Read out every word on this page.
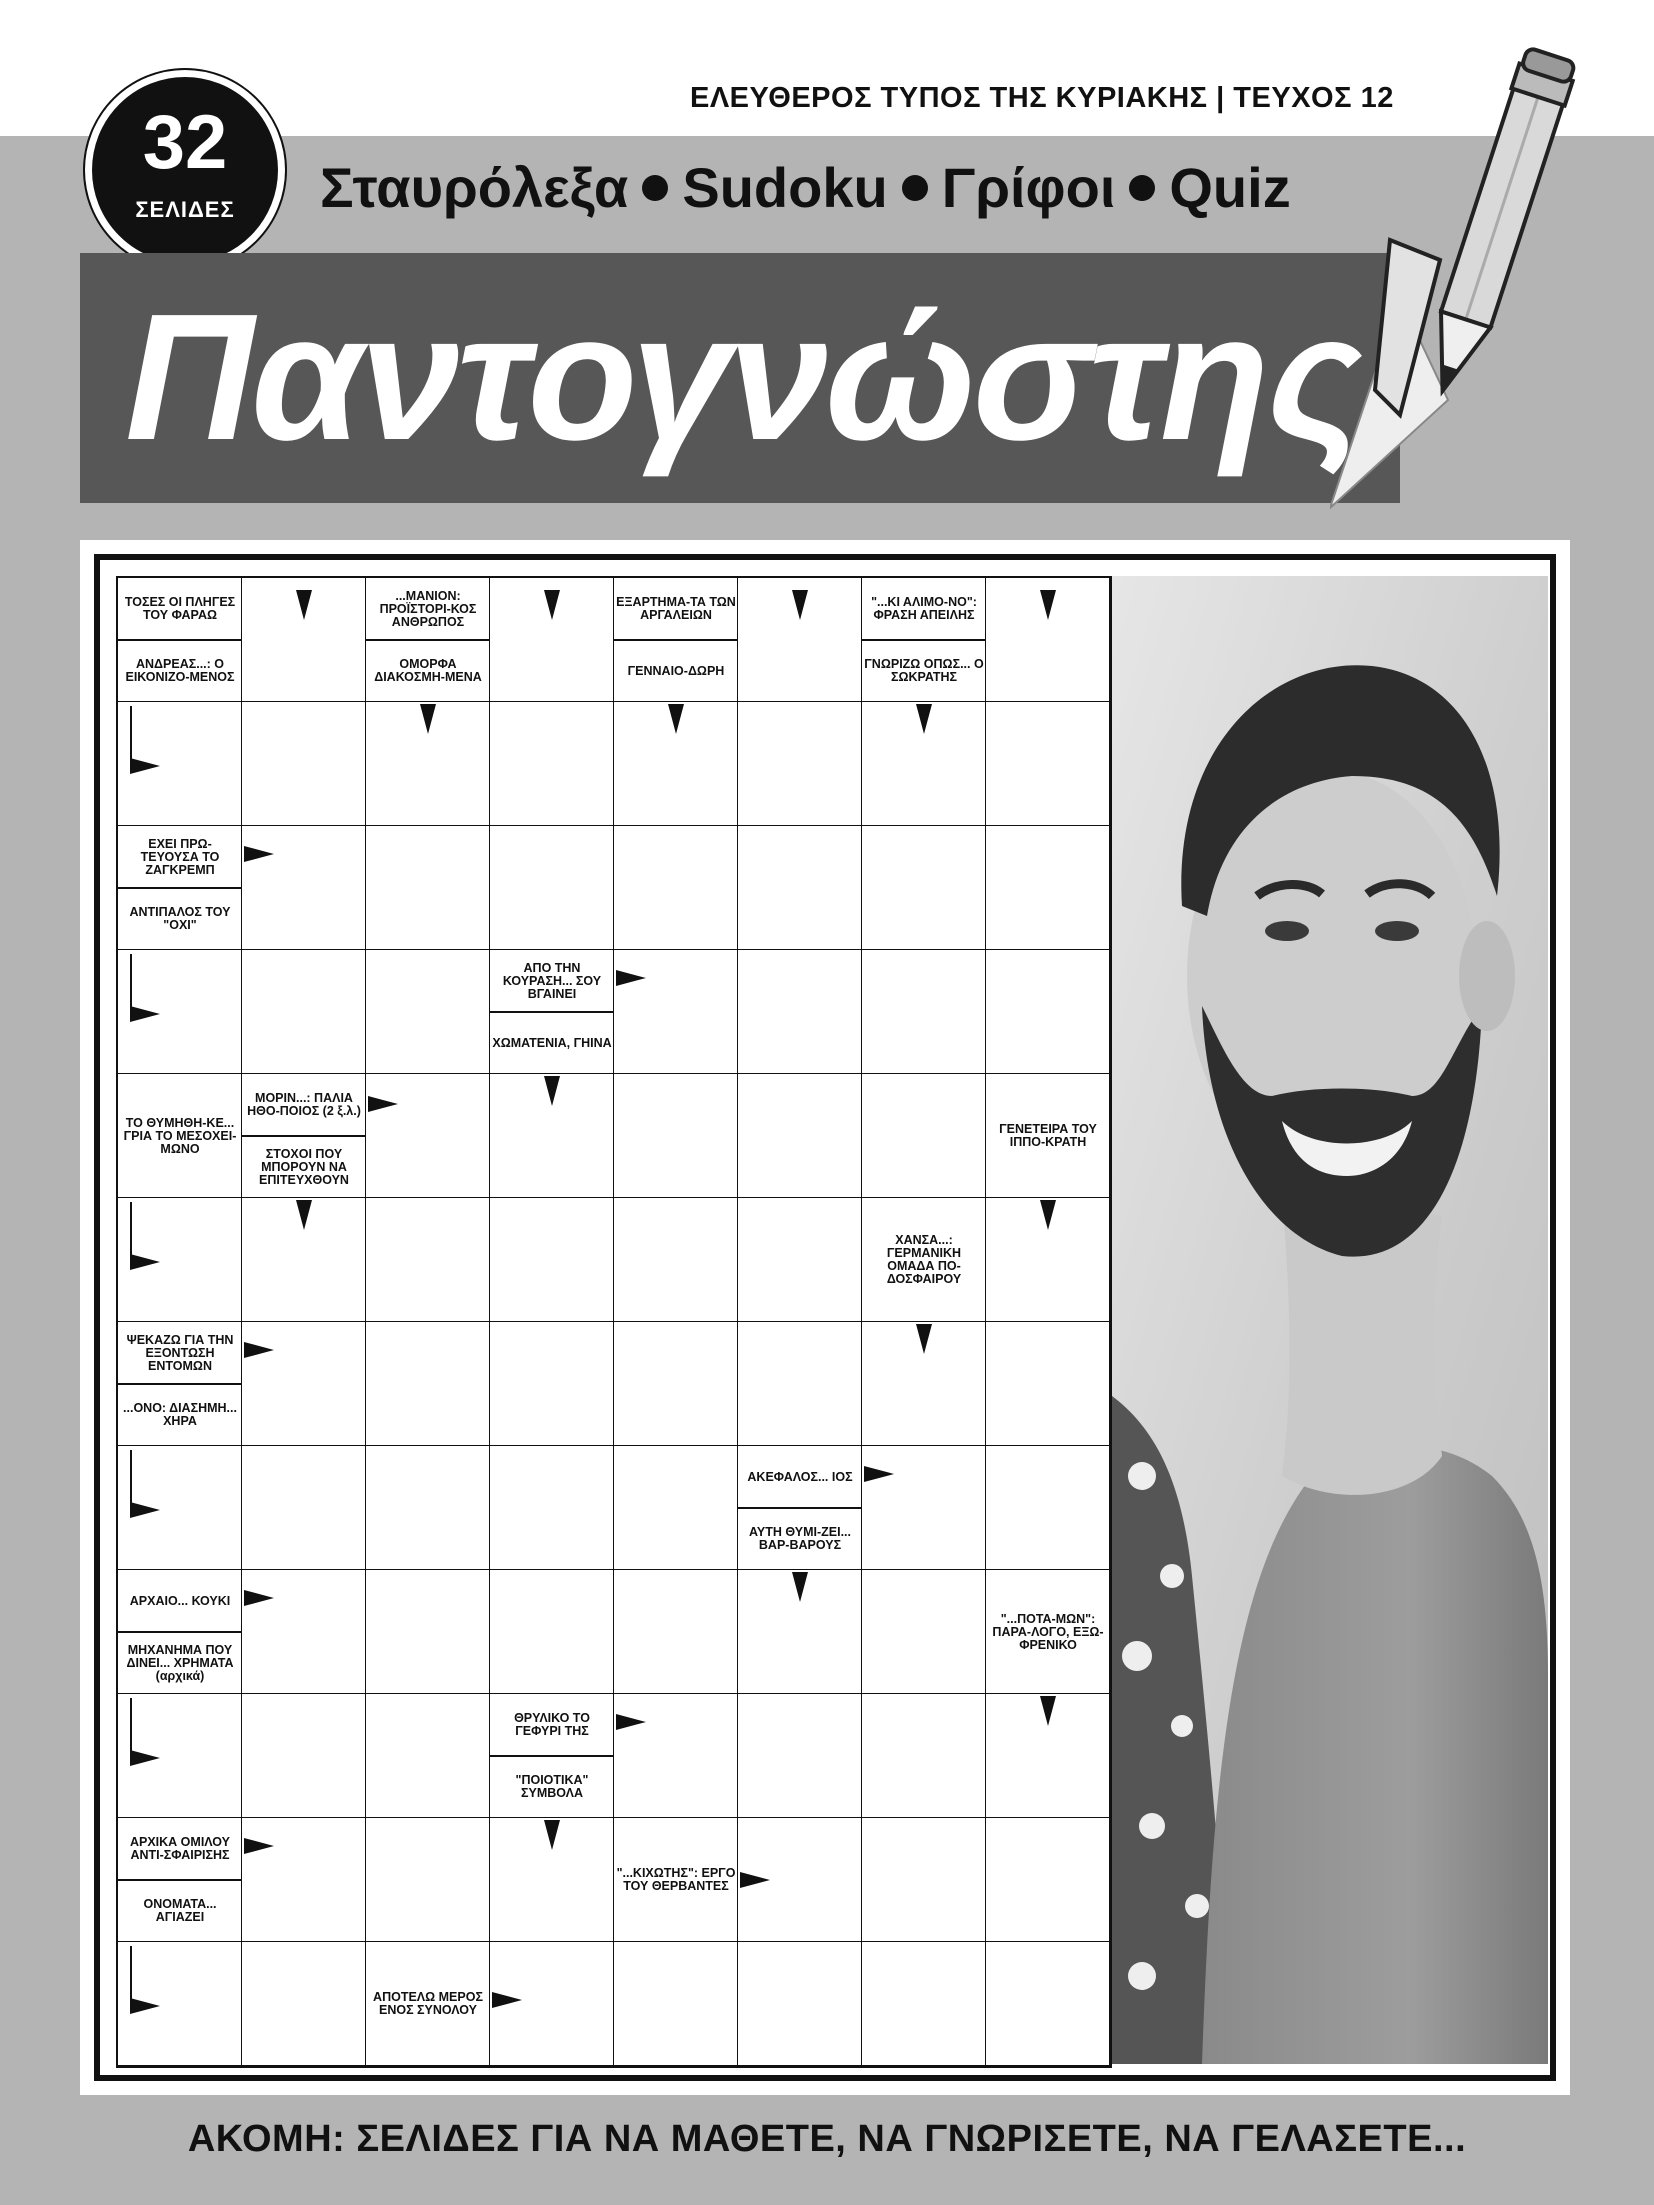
ΕΛΕΥΘΕΡΟΣ ΤΥΠΟΣ ΤΗΣ ΚΥΡΙΑΚΗΣ | ΤΕΥΧΟΣ 12
32
ΣΕΛΙΔΕΣ	Σταυρόλεξα Sudoku Γρίφοι Quiz
Παντογνώστης
ΤΟΣΕΣ ΟΙ ΠΛΗΓΕΣ ΤΟΥ ΦΑΡΑΩ
ΑΝΔΡΕΑΣ...: Ο ΕΙΚΟΝΙΖΟ-ΜΕΝΟΣ
...ΜΑΝΙΟΝ: ΠΡΟΪΣΤΟΡΙ-ΚΟΣ ΑΝΘΡΩΠΟΣ
ΟΜΟΡΦΑ ΔΙΑΚΟΣΜΗ-ΜΕΝΑ
ΕΞΑΡΤΗΜΑ-ΤΑ ΤΩΝ ΑΡΓΑΛΕΙΩΝ
ΓΕΝΝΑΙΟ-ΔΩΡΗ
"...ΚΙ ΑΛΙΜΟ-ΝΟ": ΦΡΑΣΗ ΑΠΕΙΛΗΣ
ΓΝΩΡΙΖΩ ΟΠΩΣ... Ο ΣΩΚΡΑΤΗΣ
ΕΧΕΙ ΠΡΩ-ΤΕΥΟΥΣΑ ΤΟ ΖΑΓΚΡΕΜΠ
ΑΝΤΙΠΑΛΟΣ ΤΟΥ "ΟΧΙ"
ΑΠΟ ΤΗΝ ΚΟΥΡΑΣΗ... ΣΟΥ ΒΓΑΙΝΕΙ
ΧΩΜΑΤΕΝΙΑ, ΓΗΙΝΑ
ΤΟ ΘΥΜΗΘΗ-ΚΕ... ΓΡΙΑ ΤΟ ΜΕΣΟΧΕΙ-ΜΩΝΟ
ΜΟΡΙΝ...: ΠΑΛΙΑ ΗΘΟ-ΠΟΙΟΣ (2 ξ.λ.)
ΣΤΟΧΟΙ ΠΟΥ ΜΠΟΡΟΥΝ ΝΑ ΕΠΙΤΕΥΧΘΟΥΝ
ΓΕΝΕΤΕΙΡΑ ΤΟΥ ΙΠΠΟ-ΚΡΑΤΗ
ΧΑΝΣΑ...: ΓΕΡΜΑΝΙΚΗ ΟΜΑΔΑ ΠΟ-ΔΟΣΦΑΙΡΟΥ
ΨΕΚΑΖΩ ΓΙΑ ΤΗΝ ΕΞΟΝΤΩΣΗ ΕΝΤΟΜΩΝ
...ΟΝΟ: ΔΙΑΣΗΜΗ... ΧΗΡΑ
ΑΚΕΦΑΛΟΣ... ΙΟΣ
ΑΥΤΗ ΘΥΜΙ-ΖΕΙ... ΒΑΡ-ΒΑΡΟΥΣ
ΑΡΧΑΙΟ... ΚΟΥΚΙ
ΜΗΧΑΝΗΜΑ ΠΟΥ ΔΙΝΕΙ... ΧΡΗΜΑΤΑ (αρχικά)
"...ΠΟΤΑ-ΜΩΝ": ΠΑΡΑ-ΛΟΓΟ, ΕΞΩ-ΦΡΕΝΙΚΟ
ΘΡΥΛΙΚΟ ΤΟ ΓΕΦΥΡΙ ΤΗΣ
"ΠΟΙΟΤΙΚΑ" ΣΥΜΒΟΛΑ
ΑΡΧΙΚΑ ΟΜΙΛΟΥ ΑΝΤΙ-ΣΦΑΙΡΙΣΗΣ
ΟΝΟΜΑΤΑ... ΑΓΙΑΖΕΙ
"...ΚΙΧΩΤΗΣ": ΕΡΓΟ ΤΟΥ ΘΕΡΒΑΝΤΕΣ
ΑΠΟΤΕΛΩ ΜΕΡΟΣ ΕΝΟΣ ΣΥΝΟΛΟΥ
ΑΚΟΜΗ: ΣΕΛΙΔΕΣ ΓΙΑ ΝΑ ΜΑΘΕΤΕ, ΝΑ ΓΝΩΡΙΣΕΤΕ, ΝΑ ΓΕΛΑΣΕΤΕ...
